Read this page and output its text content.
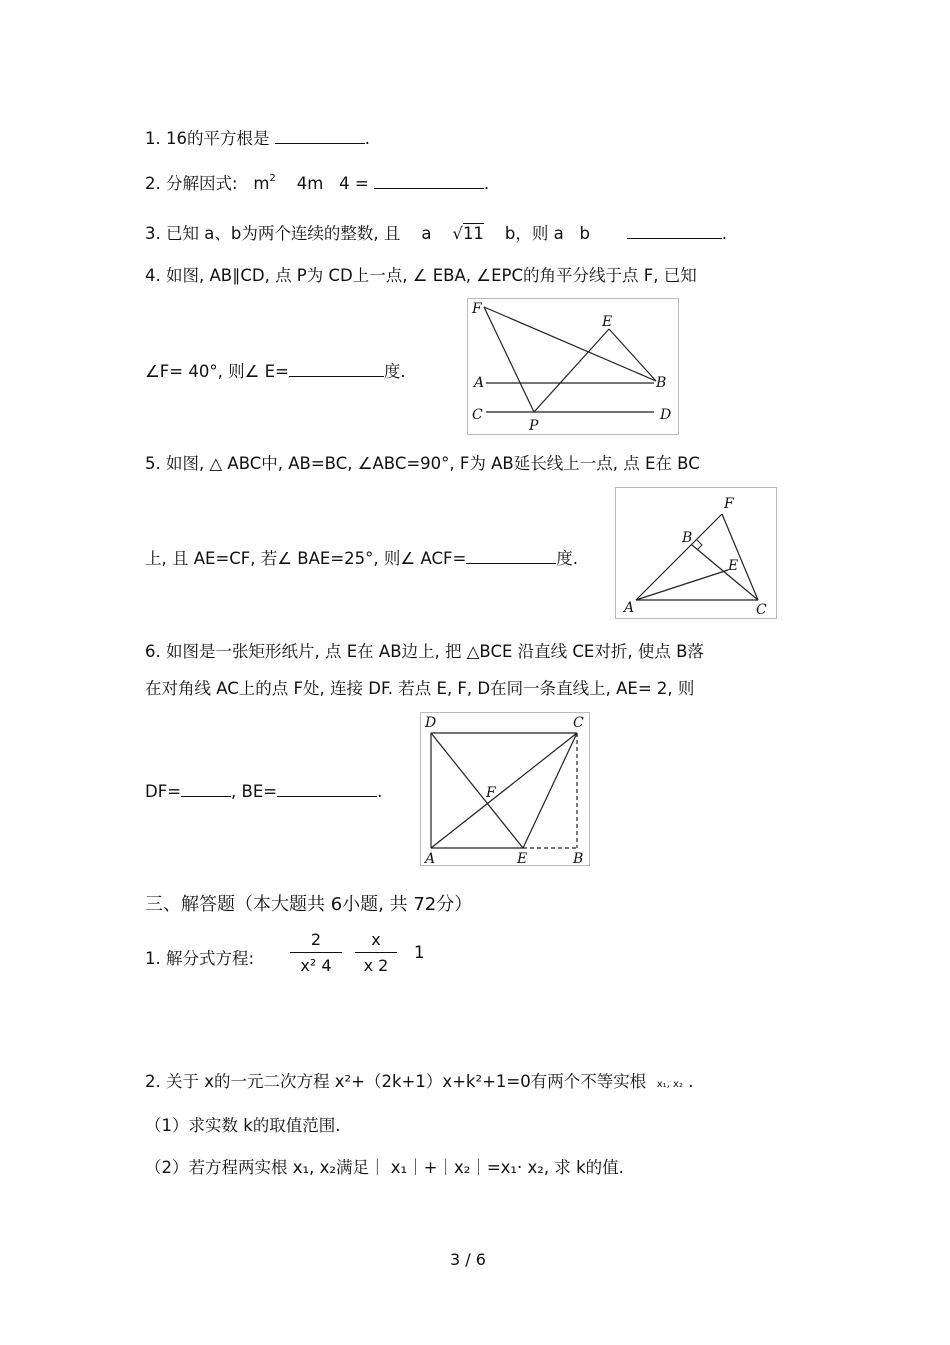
1. 16的平方根是	.
2. 分解因式: $m^2$ 4m 4 =	.
3. 已知 a、b为两个连续的整数, 且 a √11 b，则 a b	.
4. 如图, AB∥CD, 点 P为 CD上一点, ∠ EBA, ∠EPC的角平分线于点 F, 已知
∠F= 40°, 则∠ E=	度.
F
E
A	B
C	D
P
5. 如图, △ ABC中, AB=BC, ∠ABC=90°, F为 AB延长线上一点, 点 E在 BC
上, 且 AE=CF, 若∠ BAE=25°, 则∠ ACF=	度.
F
B
E
A	C
6. 如图是一张矩形纸片, 点 E在 AB边上, 把 △BCE 沿直线 CE对折, 使点 B落
在对角线 AC上的点 F处, 连接 DF. 若点 E, F, D在同一条直线上, AE= 2, 则
DF=	, BE=	.
D	C
F
A	E	B
三、解答题（本大题共 6小题, 共 72分）
1. 解分式方程:
2
x² 4
x
x 2
1
2. 关于 x的一元二次方程 x²+（2k+1）x+k²+1=0有两个不等实根 x₁, x₂ .
（1）求实数 k的取值范围.
（2）若方程两实根 x₁, x₂满足｜ x₁｜+｜x₂｜=x₁· x₂, 求 k的值.
3 / 6
